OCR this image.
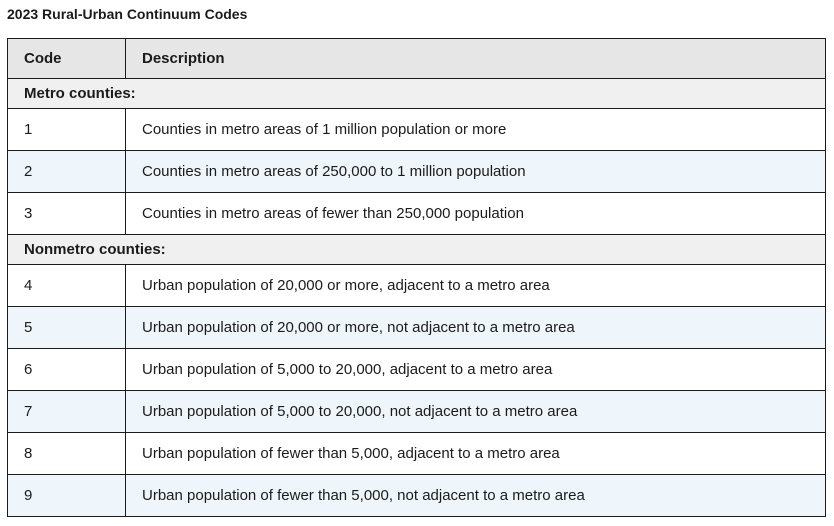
2023 Rural-Urban Continuum Codes
Code	Description
Metro counties:	
1	Counties in metro areas of 1 million population or more
2	Counties in metro areas of 250,000 to 1 million population
3	Counties in metro areas of fewer than 250,000 population
Nonmetro counties:	
4	Urban population of 20,000 or more, adjacent to a metro area
5	Urban population of 20,000 or more, not adjacent to a metro area
6	Urban population of 5,000 to 20,000, adjacent to a metro area
7	Urban population of 5,000 to 20,000, not adjacent to a metro area
8	Urban population of fewer than 5,000, adjacent to a metro area
9	Urban population of fewer than 5,000, not adjacent to a metro area
